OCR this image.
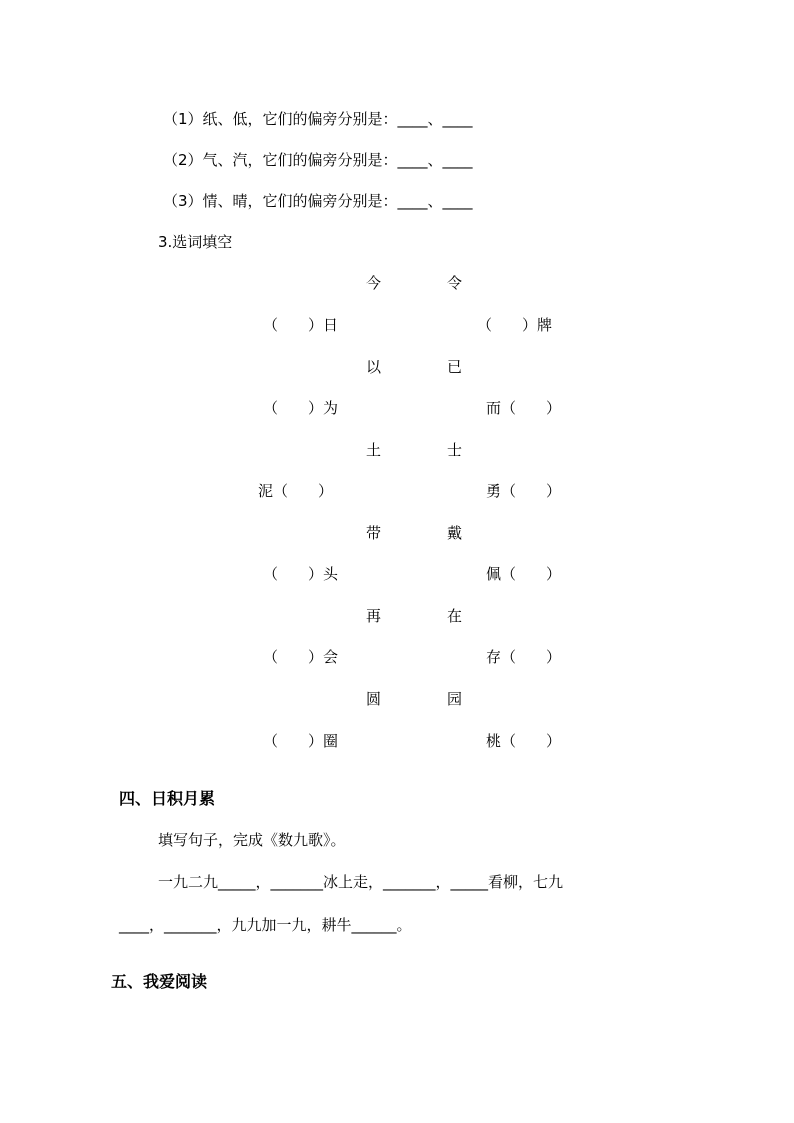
（1）纸、低，它们的偏旁分别是：____、____
（2）气、汽，它们的偏旁分别是：____、____
（3）情、晴，它们的偏旁分别是：____、____
3.选词填空
今	令
（　　）日	（　　）牌
以	已
（　　）为	而（　　）
土	士
泥（　　）	勇（　　）
带	戴
（　　）头	佩（　　）
再	在
（　　）会	存（　　）
圆	园
（　　）圈	桃（　　）
四、日积月累
填写句子，完成《数九歌》。
一九二九_____，_______冰上走，_______，_____看柳，七九
____，_______，九九加一九，耕牛______。
五、我爱阅读
